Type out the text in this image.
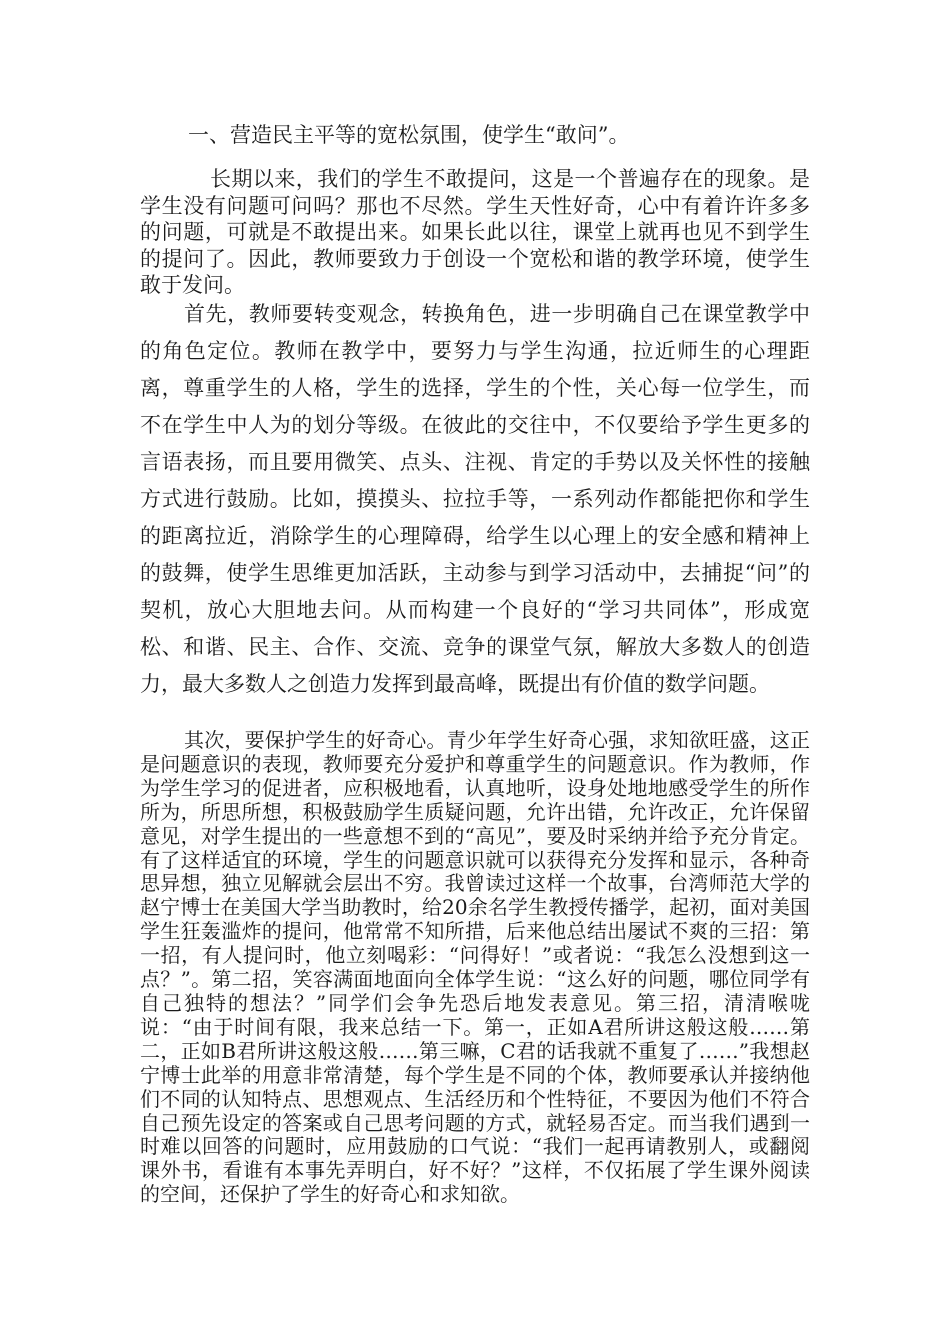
一、营造民主平等的宽松氛围，使学生“敢问”。

长期以来，我们的学生不敢提问，这是一个普遍存在的现象。是学生没有问题可问吗？那也不尽然。学生天性好奇，心中有着许许多多的问题，可就是不敢提出来。如果长此以往，课堂上就再也见不到学生的提问了。因此，教师要致力于创设一个宽松和谐的教学环境，使学生敢于发问。

首先，教师要转变观念，转换角色，进一步明确自己在课堂教学中的角色定位。教师在教学中，要努力与学生沟通，拉近师生的心理距离，尊重学生的人格，学生的选择，学生的个性，关心每一位学生，而不在学生中人为的划分等级。在彼此的交往中，不仅要给予学生更多的言语表扬，而且要用微笑、点头、注视、肯定的手势以及关怀性的接触方式进行鼓励。比如，摸摸头、拉拉手等，一系列动作都能把你和学生的距离拉近，消除学生的心理障碍，给学生以心理上的安全感和精神上的鼓舞，使学生思维更加活跃，主动参与到学习活动中，去捕捉“问”的契机，放心大胆地去问。从而构建一个良好的“学习共同体”，形成宽松、和谐、民主、合作、交流、竞争的课堂气氛，解放大多数人的创造力，最大多数人之创造力发挥到最高峰，既提出有价值的数学问题。

其次，要保护学生的好奇心。青少年学生好奇心强，求知欲旺盛，这正是问题意识的表现，教师要充分爱护和尊重学生的问题意识。作为教师，作为学生学习的促进者，应积极地看，认真地听，设身处地地感受学生的所作所为，所思所想，积极鼓励学生质疑问题，允许出错，允许改正，允许保留意见，对学生提出的一些意想不到的“高见”，要及时采纳并给予充分肯定。有了这样适宜的环境，学生的问题意识就可以获得充分发挥和显示，各种奇思异想，独立见解就会层出不穷。我曾读过这样一个故事，台湾师范大学的赵宁博士在美国大学当助教时，给20余名学生教授传播学，起初，面对美国学生狂轰滥炸的提问，他常常不知所措，后来他总结出屡试不爽的三招：第一招，有人提问时，他立刻喝彩：“问得好！”或者说：“我怎么没想到这一点？”。第二招，笑容满面地面向全体学生说：“这么好的问题，哪位同学有自己独特的想法？”同学们会争先恐后地发表意见。第三招，清清喉咙说：“由于时间有限，我来总结一下。第一，正如A君所讲这般这般……第二，正如B君所讲这般这般……第三嘛，C君的话我就不重复了……”我想赵宁博士此举的用意非常清楚，每个学生是不同的个体，教师要承认并接纳他们不同的认知特点、思想观点、生活经历和个性特征，不要因为他们不符合自己预先设定的答案或自己思考问题的方式，就轻易否定。而当我们遇到一时难以回答的问题时，应用鼓励的口气说：“我们一起再请教别人，或翻阅课外书，看谁有本事先弄明白，好不好？”这样，不仅拓展了学生课外阅读的空间，还保护了学生的好奇心和求知欲。
